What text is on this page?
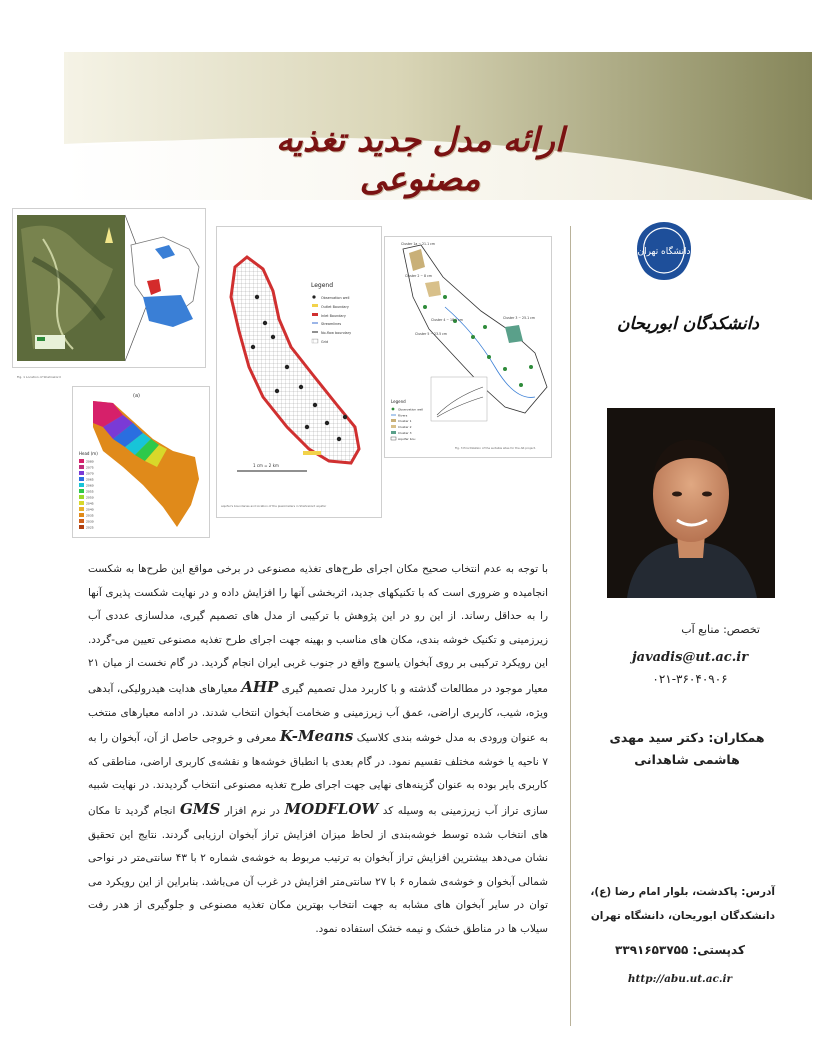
ارائه مدل جدید تغذیه مصنوعی
Fig. 1 Location of Shahrekord
(a)
Head (m)
2080
2075
2070
2065
2060
2055
2050
2045
2040
2035
2030
2025
Legend
Observation well
Outlet Boundary
Inlet Boundary
Streamlines
No-flow boundary
Grid
1 cm = 2 km
aquifer's boundaries and location of the piezometers in Shahrekord aquifer
Cluster 1a ~ 21.1 cm
Cluster 2 ~ 8 cm
Cluster 3 ~ 25.1 cm
Cluster 4 ~ 18.1 cm
Cluster 5 ~ 23.5 cm
Legend
Observation well
Rivers
Cluster 1
Cluster 2
Cluster 3
Aquifer bou
Fig. 3 Prioritization of the suitable sites for the AR project.
با توجه به عدم انتخاب صحیح مکان اجرای طرح‌های تغذیه مصنوعی در برخی مواقع این طرح‌ها به شکست انجامیده و ضروری است که با تکنیکهای جدید، اثربخشی آنها را افزایش داده و در نهایت شکست پذیری آنها را به حداقل رساند. از این رو در این پژوهش با ترکیبی از مدل های تصمیم گیری، مدلسازی عددی آب زیرزمینی و تکنیک خوشه بندی، مکان های مناسب و بهینه جهت اجرای طرح تغذیه مصنوعی تعیین می-گردد. این رویکرد ترکیبی بر روی آبخوان یاسوج واقع در جنوب غربی ایران انجام گردید. در گام نخست از میان ۲۱ معیار موجود در مطالعات گذشته و با کاربرد مدل تصمیم گیری AHP معیارهای هدایت هیدرولیکی، آبدهی ویژه، شیب، کاربری اراضی، عمق آب زیرزمینی و ضخامت آبخوان انتخاب شدند. در ادامه معیارهای منتخب به عنوان ورودی به مدل خوشه بندی کلاسیک K-Means معرفی و خروجی حاصل از آن، آبخوان را به ۷ ناحیه یا خوشه مختلف تقسیم نمود. در گام بعدی با انطباق خوشه‌ها و نقشه‌ی کاربری اراضی، مناطقی که کاربری بایر بوده به عنوان گزینه‌های نهایی جهت اجرای طرح تغذیه مصنوعی انتخاب گردیدند. در نهایت شبیه سازی تراز آب زیرزمینی به وسیله کد MODFLOW در نرم افزار GMS انجام گردید تا مکان های انتخاب شده توسط خوشه‌بندی از لحاظ میزان افزایش تراز آبخوان ارزیابی گردند. نتایج این تحقیق نشان می‌دهد بیشترین افزایش تراز آبخوان به ترتیب مربوط به خوشه‌ی شماره ۲ با ۴۳ سانتی‌متر در نواحی شمالی آبخوان و خوشه‌ی شماره ۶ با ۲۷ سانتی‌متر افزایش در غرب آن می‌باشد. بنابراین از این رویکرد می توان در سایر آبخوان های مشابه به جهت انتخاب بهترین مکان تغذیه مصنوعی و جلوگیری از هدر رفت سیلاب ها در مناطق خشک و نیمه خشک استفاده نمود.
دانشگاه تهران
دانشکدگان ابوریحان
تخصص: منابع آب
javadis@ut.ac.ir
۰۲۱-۳۶۰۴۰۹۰۶
همکاران: دکتر سید مهدی هاشمی شاهدانی
آدرس: پاکدشت، بلوار امام رضا (ع)، دانشکدگان ابوریحان، دانشگاه تهران
کدپستی: ۳۳۹۱۶۵۳۷۵۵
http://abu.ut.ac.ir
